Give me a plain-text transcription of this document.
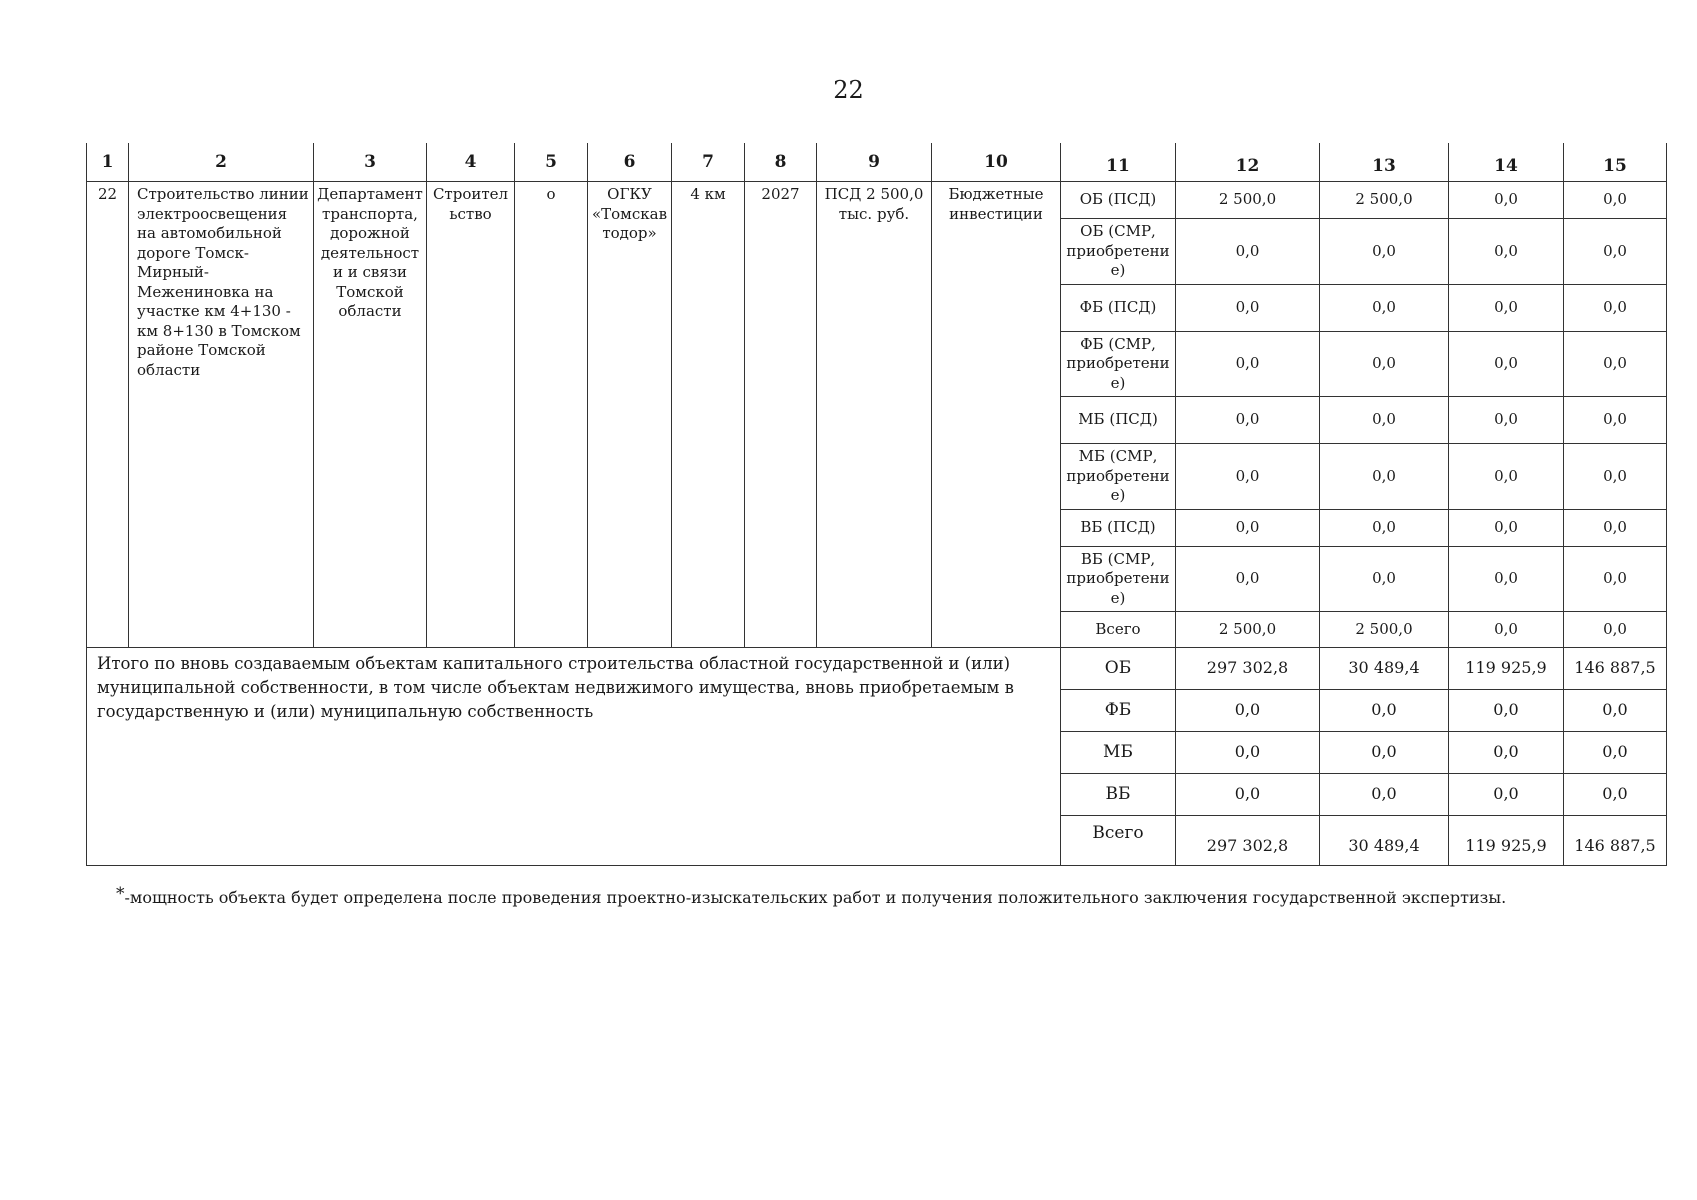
22
1	2	3	4	5	6	7	8	9	10	11	12	13	14	15
22	Строительство линии электроосвещения на автомобильной дороге Томск-Мирный-Межениновка на участке км 4+130 - км 8+130 в Томском районе Томской области	Департамент транспорта, дорожной деятельности и связи Томской области	Строительство	о	ОГКУ «Томскавтодор»	4 км	2027	ПСД 2 500,0 тыс. руб.	Бюджетные инвестиции	ОБ (ПСД)	2 500,0	2 500,0	0,0	0,0
										ОБ (СМР, приобретение)	0,0	0,0	0,0	0,0
										ФБ (ПСД)	0,0	0,0	0,0	0,0
										ФБ (СМР, приобретение)	0,0	0,0	0,0	0,0
										МБ (ПСД)	0,0	0,0	0,0	0,0
										МБ (СМР, приобретение)	0,0	0,0	0,0	0,0
										ВБ (ПСД)	0,0	0,0	0,0	0,0
										ВБ (СМР, приобретение)	0,0	0,0	0,0	0,0
										Всего	2 500,0	2 500,0	0,0	0,0
Итого по вновь создаваемым объектам капитального строительства областной государственной и (или) муниципальной собственности, в том числе объектам недвижимого имущества, вновь приобретаемым в государственную и (или) муниципальную собственность										ОБ	297 302,8	30 489,4	119 925,9	146 887,5
										ФБ	0,0	0,0	0,0	0,0
										МБ	0,0	0,0	0,0	0,0
										ВБ	0,0	0,0	0,0	0,0
										Всего	297 302,8	30 489,4	119 925,9	146 887,5
*-мощность объекта будет определена после проведения проектно-изыскательских работ и получения положительного заключения государственной экспертизы.
